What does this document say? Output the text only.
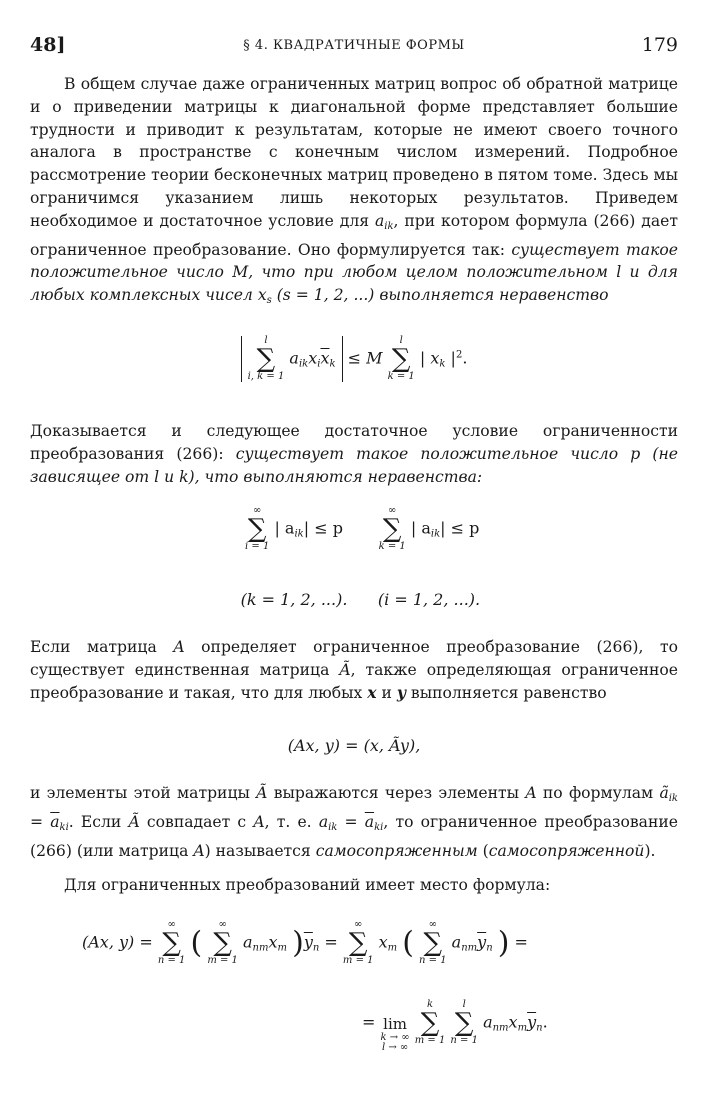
48]	§ 4. КВАДРАТИЧНЫЕ ФОРМЫ	179
В общем случае даже ограниченных матриц вопрос об обратной матрице и о приведении матрицы к диагональной форме представляет большие трудности и приводит к результатам, которые не имеют своего точного аналога в пространстве с конечным числом измерений. Подробное рассмотрение теории бесконечных матриц проведено в пятом томе. Здесь мы ограничимся указанием лишь некоторых результатов. Приведем необходимое и достаточное условие для $a_{ik}$, при котором формула (266) дает ограниченное преобразование. Оно формулируется так: существует такое положительное число M, что при любом целом положительном l и для любых комплексных чисел $x_s$ (s = 1, 2, ...) выполняется неравенство
l
∑
i, k = 1
$a_{ik}x_i\overline{x}_k \le M$
l
∑
k = 1
| $x_k$ $|^2$.
Доказывается и следующее достаточное условие ограниченности преобразования (266): существует такое положительное число p (не зависящее от l и k), что выполняются неравенства:
∞
∑
i = 1
| $a_{ik}| \le p$
∞
∑
k = 1
| $a_{ik}| \le p$
(k = 1, 2, ...).	(i = 1, 2, ...).
Если матрица A определяет ограниченное преобразование (266), то существует единственная матрица Ã, также определяющая ограниченное преобразование и такая, что для любых x и y выполняется равенство
(Ax, y) = (x, Ãy),
и элементы этой матрицы Ã выражаются через элементы A по формулам $ã_{ik} = \overline{a}_{ki}$. Если Ã совпадает с A, т. е. $a_{ik} = \overline{a}_{ki}$, то ограниченное преобразование (266) (или матрица A) называется самосопряженным (самосопряженной).
Для ограниченных преобразований имеет место формула:
(Ax, y) =
∞
∑
n = 1 (
∞
∑
m = 1
$a_{nm}x_m$ )$\overline{y}_n$ =
∞
∑
m = 1
$x_m$ (
∞
∑
n = 1
$a_{nm}\overline{y}_n$ ) =
= lim
k → ∞
l → ∞

k
∑
m = 1

l
∑
n = 1
$a_{nm}x_m\overline{y}_n$.
